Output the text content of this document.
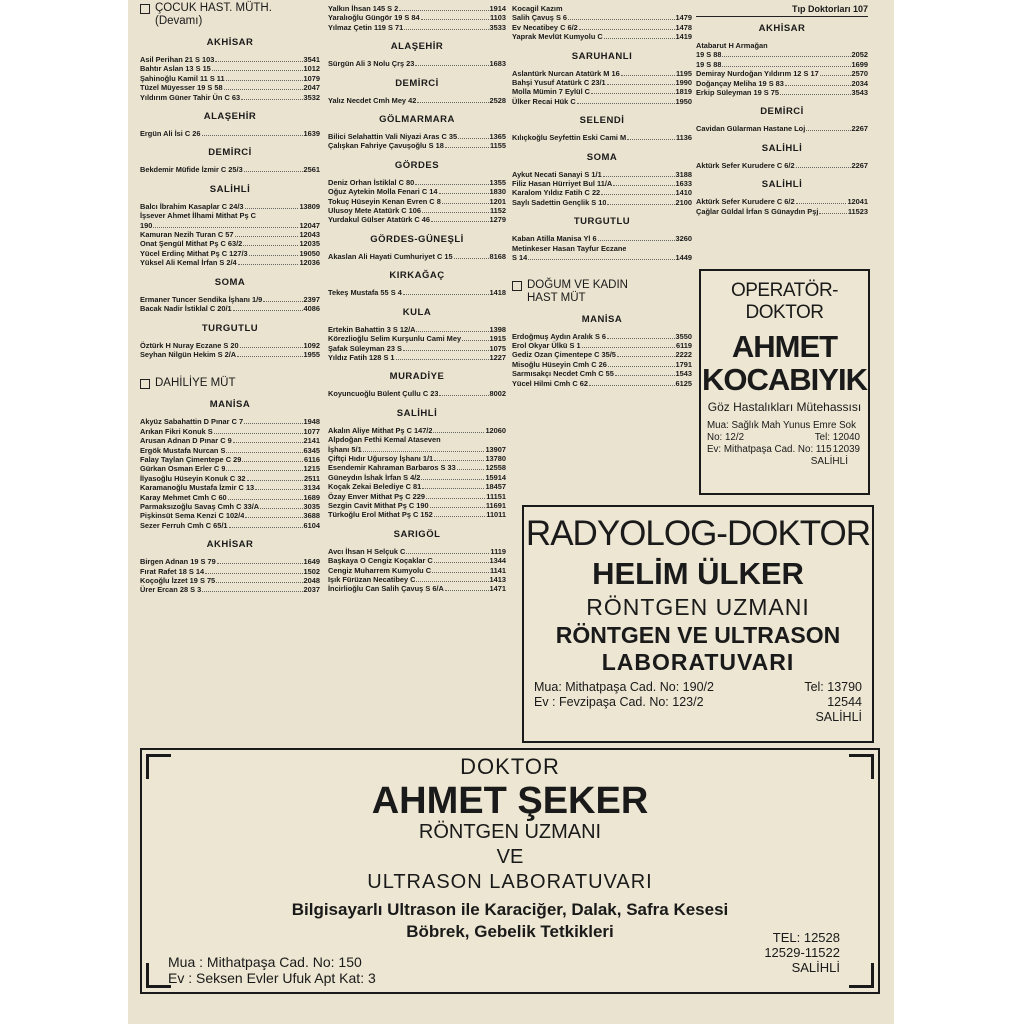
ÇOCUK HAST. MÜTH.
(Devamı)
AKHİSAR
Asil Perihan 21 S 103	3541
Bahtır Aslan 13 S 15	1012
Şahinoğlu Kamil 11 S 11	1079
Tüzel Müyesser 19 S 58	2047
Yıldırım Güner Tahir Ün C 63	3532
ALAŞEHİR
Ergün Ali İsi C 26	1639
DEMİRCİ
Bekdemir Müfide İzmir C 25/3	2561
SALİHLİ
Balcı İbrahim Kasaplar C 24/3	13809
İşsever Ahmet İlhami Mithat Pş C
190	12047
Kamuran Nezih Turan C 57	12043
Onat Şengül Mithat Pş C 63/2	12035
Yücel Erdinç Mithat Pş C 127/3	19050
Yüksel Ali Kemal İrfan S 2/4	12036
SOMA
Ermaner Tuncer Sendika İşhanı 1/9	2397
Bacak Nadir İstiklal C 20/1	4086
TURGUTLU
Öztürk H Nuray Eczane S 20	1092
Seyhan Nilgün Hekim S 2/A	1955
DAHİLİYE MÜT
MANİSA
Akyüz Sabahattin D Pınar C 7	1948
Arıkan Fikri Konuk S	1077
Arusan Adnan D Pınar C 9	2141
Ergök Mustafa Nurcan S	6345
Falay Taylan Çimentepe C 29	6116
Gürkan Osman Erler C 9	1215
İlyasoğlu Hüseyin Konuk C 32	2511
Karamanoğlu Mustafa İzmir C 13	3134
Karay Mehmet Cmh C 60	1689
Parmaksızoğlu Savaş Cmh C 33/A	3035
Pişkinsüt Sema Kenzi C 102/4	3688
Sezer Ferruh Cmh C 65/1	6104
AKHİSAR
Birgen Adnan 19 S 79	1649
Fırat Rafet 18 S 14	1502
Koçoğlu İzzet 19 S 75	2048
Ürer Ercan 28 S 3	2037
Yalkın İhsan 145 S 2	1914
Yaralıoğlu Güngör 19 S 84	1103
Yılmaz Çetin 119 S 71	3533
ALAŞEHİR
Sürgün Ali 3 Nolu Çrş 23	1683
DEMİRCİ
Yalız Necdet Cmh Mey 42	2528
GÖLMARMARA
Bilici Selahattin Vali Niyazi Aras C 35	1365
Çalışkan Fahriye Çavuşoğlu S 18	1155
GÖRDES
Deniz Orhan İstiklal C 80	1355
Oğuz Aytekin Molla Fenari C 14	1830
Tokuç Hüseyin Kenan Evren C 8	1201
Ulusoy Mete Atatürk C 106	1152
Yurdakul Gülser Atatürk C 46	1279
GÖRDES-GÜNEŞLİ
Akaslan Ali Hayati Cumhuriyet C 15	8168
KIRKAĞAÇ
Tekeş Mustafa 55 S 4	1418
KULA
Ertekin Bahattin 3 S 12/A	1398
Körezlioğlu Selim Kurşunlu Cami Mey	1915
Şafak Süleyman 23 S	1075
Yıldız Fatih 128 S 1	1227
MURADİYE
Koyuncuoğlu Bülent Çullu C 23	8002
SALİHLİ
Akalın Aliye Mithat Pş C 147/2	12060
Alpdoğan Fethi Kemal Ataseven
İşhanı 5/1	13907
Çiftçi Hıdır Uğursoy İşhanı 1/1	13780
Esendemir Kahraman Barbaros S 33	12558
Güneydın İshak İrfan S 4/2	15914
Koçak Zekai Belediye C 81	18457
Özay Enver Mithat Pş C 229	11151
Sezgin Cavit Mithat Pş C 190	11691
Türkoğlu Erol Mithat Pş C 152	11011
SARIGÖL
Avcı İhsan H Selçuk C	1119
Başkaya O Cengiz Koçaklar C	1344
Cengiz Muharrem Kumyolu C	1141
Işık Fürüzan Necatibey C	1413
İncirlioğlu Can Salih Çavuş S 6/A	1471
Kocagil Kazım
Salih Çavuş S 6	1479
Ev Necatibey C 6/2	1478
Yaprak Mevlüt Kumyolu C	1419
SARUHANLI
Aslantürk Nurcan Atatürk M 16	1195
Bahşi Yusuf Atatürk C 23/1	1990
Molla Mümin 7 Eylül C	1819
Ülker Recai Hük C	1950
SELENDİ
Kılıçkoğlu Seyfettin Eski Cami M	1136
SOMA
Aykut Necati Sanayi S 1/1	3188
Filiz Hasan Hürriyet Bul 11/A	1633
Karalom Yıldız Fatih C 22	1410
Saylı Sadettin Gençlik S 10	2100
TURGUTLU
Kaban Atilla Manisa Yl 6	3260
Metinkeser Hasan Tayfur Eczane
S 14	1449
DOĞUM VE KADIN
HAST MÜT
MANİSA
Erdoğmuş Aydın Aralık S 6	3550
Erol Okyar Ülkü S 1	6119
Gediz Ozan Çimentepe C 35/5	2222
Misoğlu Hüseyin Cmh C 26	1791
Sarmısakçı Necdet Cmh C 55	1543
Yücel Hilmi Cmh C 62	6125
Tıp Doktorları 107
AKHİSAR
Atabarut H Armağan
19 S 88	2052
19 S 88	1699
Demiray Nurdoğan Yıldırım 12 S 17	2570
Doğançay Meliha 19 S 83	2034
Erkip Süleyman 19 S 75	3543
DEMİRCİ
Cavidan Gülarman Hastane Loj	2267
SALİHLİ
Aktürk Sefer Kurudere C 6/2	2267
SALİHLİ
Aktürk Sefer Kurudere C 6/2	12041
Çağlar Güldal İrfan S Günaydın Pşj	11523
OPERATÖR-DOKTOR
AHMET
KOCABIYIK
Göz Hastalıkları Mütehassısı
Mua: Sağlık Mah Yunus Emre Sok
No: 12/2	Tel: 12040
Ev: Mithatpaşa Cad. No: 115 12039
SALİHLİ
RADYOLOG-DOKTOR
HELİM ÜLKER
RÖNTGEN UZMANI
RÖNTGEN VE ULTRASON
LABORATUVARI
Mua: Mithatpaşa Cad. No: 190/2	Tel: 13790
Ev : Fevzipaşa Cad. No: 123/2	12544
SALİHLİ
DOKTOR
AHMET ŞEKER
RÖNTGEN UZMANI
VE
ULTRASON LABORATUVARI
Bilgisayarlı Ultrason ile Karaciğer, Dalak, Safra Kesesi
Böbrek, Gebelik Tetkikleri
Mua : Mithatpaşa Cad. No: 150
Ev : Seksen Evler Ufuk Apt Kat: 3
TEL: 12528
12529-11522
SALİHLİ
